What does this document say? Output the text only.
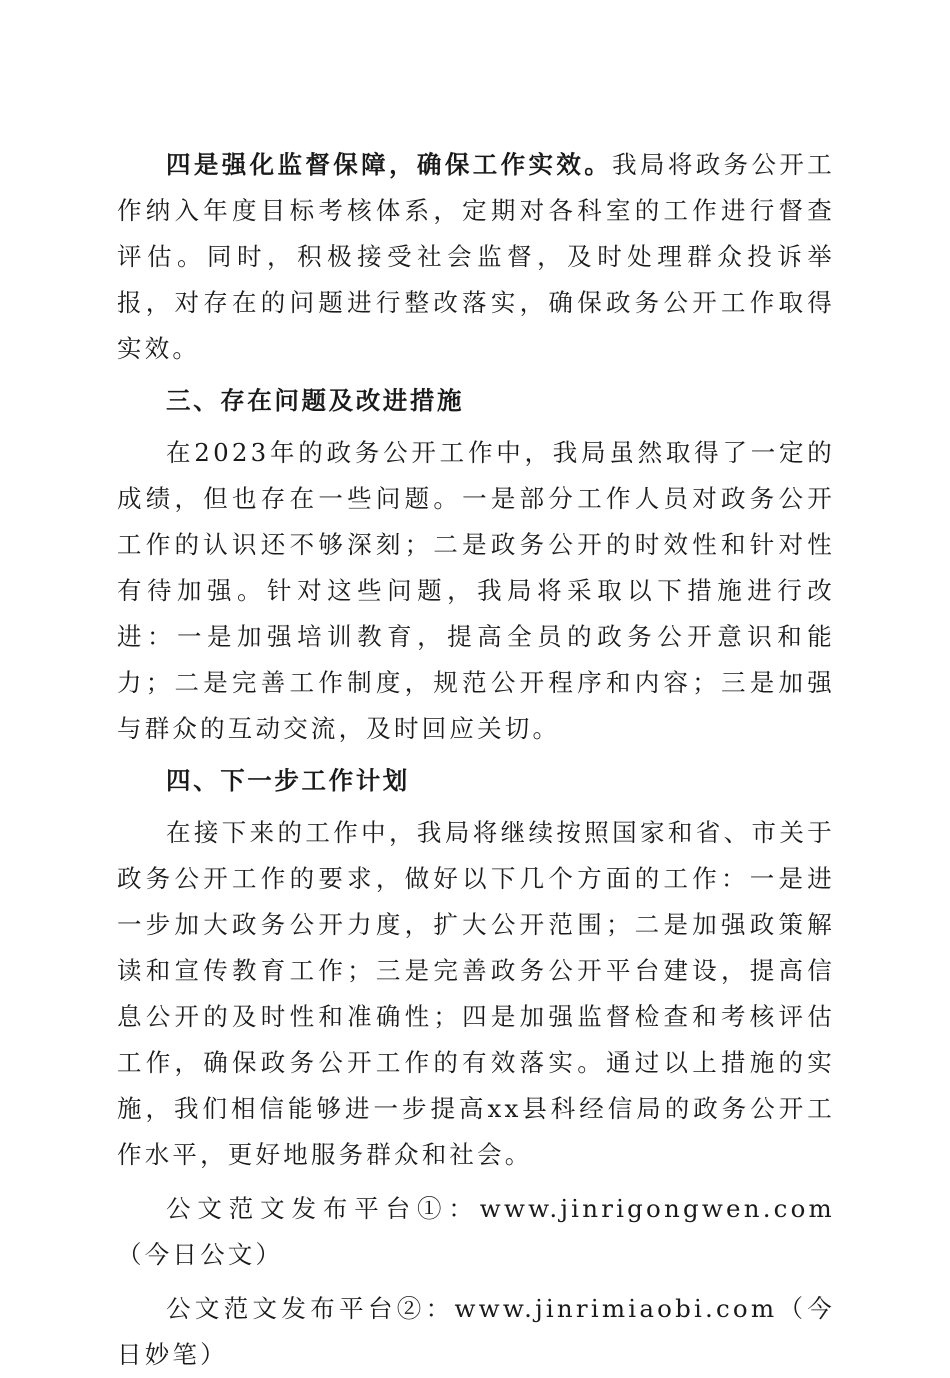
四是强化监督保障，确保工作实效。我局将政务公开工作纳入年度目标考核体系，定期对各科室的工作进行督查评估。同时，积极接受社会监督，及时处理群众投诉举报，对存在的问题进行整改落实，确保政务公开工作取得实效。

三、存在问题及改进措施

在2023年的政务公开工作中，我局虽然取得了一定的成绩，但也存在一些问题。一是部分工作人员对政务公开工作的认识还不够深刻；二是政务公开的时效性和针对性有待加强。针对这些问题，我局将采取以下措施进行改进：一是加强培训教育，提高全员的政务公开意识和能力；二是完善工作制度，规范公开程序和内容；三是加强与群众的互动交流，及时回应关切。

四、下一步工作计划

在接下来的工作中，我局将继续按照国家和省、市关于政务公开工作的要求，做好以下几个方面的工作：一是进一步加大政务公开力度，扩大公开范围；二是加强政策解读和宣传教育工作；三是完善政务公开平台建设，提高信息公开的及时性和准确性；四是加强监督检查和考核评估工作，确保政务公开工作的有效落实。通过以上措施的实施，我们相信能够进一步提高xx县科经信局的政务公开工作水平，更好地服务群众和社会。

公文范文发布平台①：www.jinrigongwen.com（今日公文）

公文范文发布平台②：www.jinrimiaobi.com（今日妙笔）
